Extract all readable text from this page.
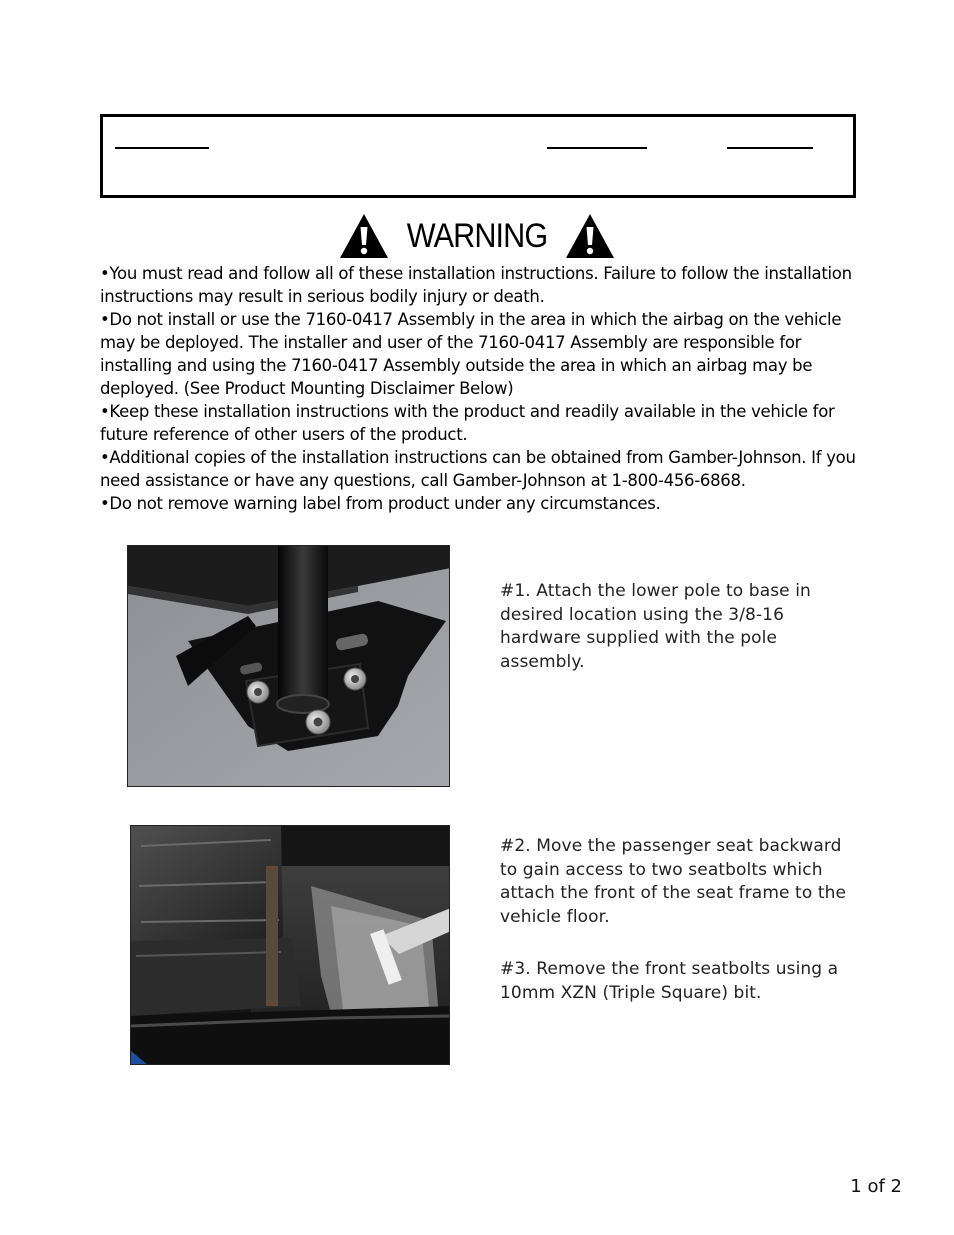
WARNING

•You must read and follow all of these installation instructions. Failure to follow the installation instructions may result in serious bodily injury or death.

•Do not install or use the 7160-0417 Assembly in the area in which the airbag on the vehicle may be deployed. The installer and user of the 7160-0417 Assembly are responsible for installing and using the 7160-0417 Assembly outside the area in which an airbag may be deployed. (See Product Mounting Disclaimer Below)

•Keep these installation instructions with the product and readily available in the vehicle for future reference of other users of the product.

•Additional copies of the installation instructions can be obtained from Gamber-Johnson. If you need assistance or have any questions, call Gamber-Johnson at 1-800-456-6868.

•Do not remove warning label from product under any circumstances.

#1. Attach the lower pole to base in desired location using the 3/8-16 hardware supplied with the pole assembly.

#2. Move the passenger seat backward to gain access to two seatbolts which attach the front of the seat frame to the vehicle floor.

#3. Remove the front seatbolts using a 10mm XZN (Triple Square) bit.

1 of 2
